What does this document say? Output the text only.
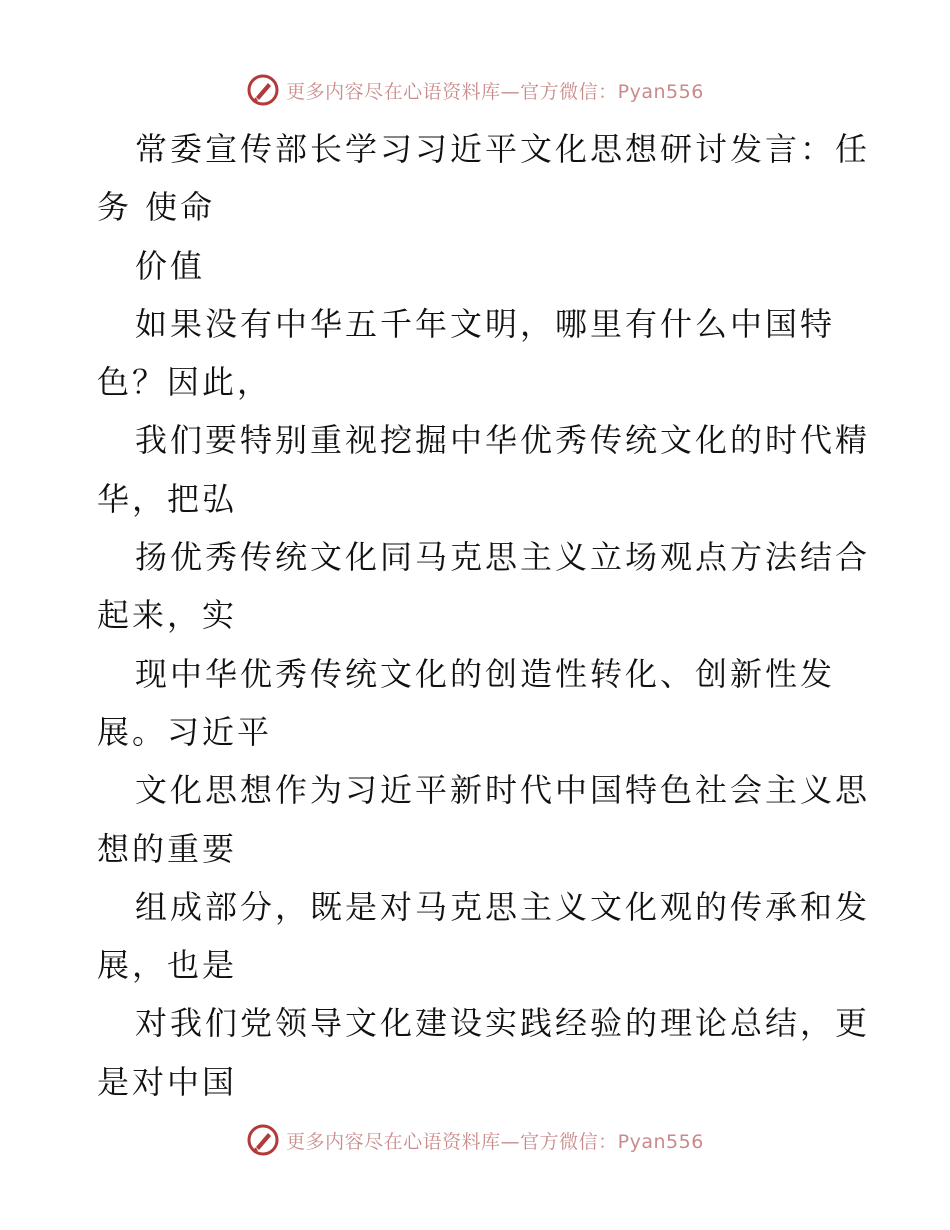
更多内容尽在心语资料库—官方微信：Pyan556
常委宣传部长学习习近平文化思想研讨发言：任
务 使命
价值
如果没有中华五千年文明，哪里有什么中国特
色？因此，
我们要特别重视挖掘中华优秀传统文化的时代精
华，把弘
扬优秀传统文化同马克思主义立场观点方法结合
起来，实
现中华优秀传统文化的创造性转化、创新性发
展。习近平
文化思想作为习近平新时代中国特色社会主义思
想的重要
组成部分，既是对马克思主义文化观的传承和发
展，也是
对我们党领导文化建设实践经验的理论总结，更
是对中国
更多内容尽在心语资料库—官方微信：Pyan556
